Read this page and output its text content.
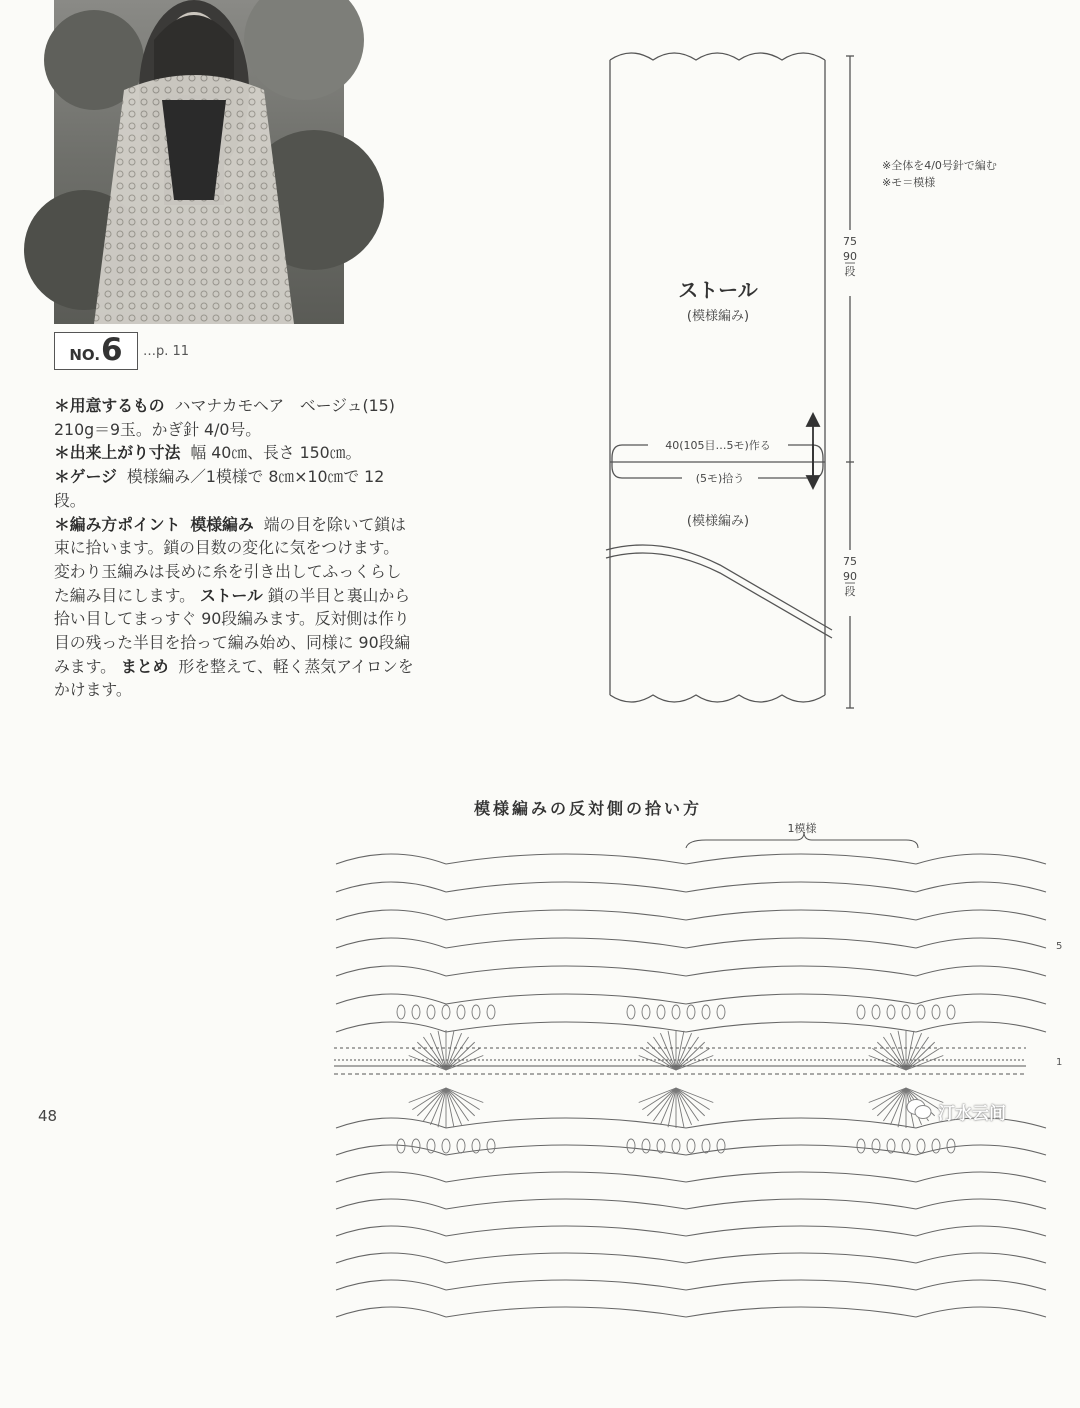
NO. 6 …p. 11

＊用意するもの ハマナカモヘア　ベージュ(15) 210g＝9玉。かぎ針 4/0号。

＊出来上がり寸法 幅 40㎝、長さ 150㎝。

＊ゲージ 模様編み／1模様で 8㎝×10㎝で 12段。

＊編み方ポイント 模様編み 端の目を除いて鎖は束に拾います。鎖の目数の変化に気をつけます。変わり玉編みは長めに糸を引き出してふっくらした編み目にします。 ストール 鎖の半目と裏山から拾い目してまっすぐ 90段編みます。反対側は作り目の残った半目を拾って編み始め、同様に 90段編みます。 まとめ 形を整えて、軽く蒸気アイロンをかけます。

75
90
段
75
90
段
ストール
(模様編み)
40(105目…5モ)作る
(5モ)拾う
(模様編み)
※全体を4/0号針で編む
※モ＝模様
模様編みの反対側の拾い方
1模様
5
1
48	汀水云间
